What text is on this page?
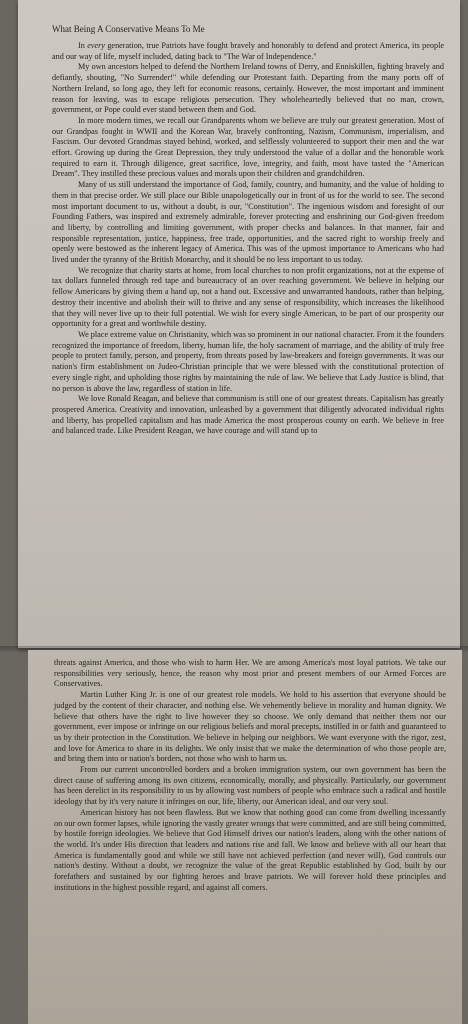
What Being A Conservative Means To Me

In every generation, true Patriots have fought bravely and honorably to defend and protect America, its people and our way of life, myself included, dating back to "The War of Independence."

My own ancestors helped to defend the Northern Ireland towns of Derry, and Enniskillen, fighting bravely and defiantly, shouting, "No Surrender!" while defending our Protestant faith. Departing from the many ports off of Northern Ireland, so long ago, they left for economic reasons, certainly. However, the most important and imminent reason for leaving, was to escape religious persecution. They wholeheartedly believed that no man, crown, government, or Pope could ever stand between them and God.

In more modern times, we recall our Grandparents whom we believe are truly our greatest generation. Most of our Grandpas fought in WWII and the Korean War, bravely confronting, Nazism, Communism, imperialism, and Fascism. Our devoted Grandmas stayed behind, worked, and selflessly volunteered to support their men and the war effort. Growing up during the Great Depression, they truly understood the value of a dollar and the honorable work required to earn it. Through diligence, great sacrifice, love, integrity, and faith, most have tasted the "American Dream". They instilled these precious values and morals upon their children and grandchildren.

Many of us still understand the importance of God, family, country, and humanity, and the value of holding to them in that precise order. We still place our Bible unapologetically our in front of us for the world to see. The second most important document to us, without a doubt, is our, "Constitution". The ingenious wisdom and foresight of our Founding Fathers, was inspired and extremely admirable, forever protecting and enshrining our God-given freedom and liberty, by controlling and limiting government, with proper checks and balances. In that manner, fair and responsible representation, justice, happiness, free trade, opportunities, and the sacred right to worship freely and openly were bestowed as the inherent legacy of America. This was of the upmost importance to Americans who had lived under the tyranny of the British Monarchy, and it should be no less important to us today.

We recognize that charity starts at home, from local churches to non profit organizations, not at the expense of tax dollars funneled through red tape and bureaucracy of an over reaching government. We believe in helping our fellow Americans by giving them a hand up, not a hand out. Excessive and unwarranted handouts, rather than helping, destroy their incentive and abolish their will to thrive and any sense of responsibility, which increases the likelihood that they will never live up to their full potential. We wish for every single American, to be part of our prosperity our opportunity for a great and worthwhile destiny.

We place extreme value on Christianity, which was so prominent in our national character. From it the founders recognized the importance of freedom, liberty, human life, the holy sacrament of marriage, and the ability of truly free people to protect family, person, and property, from threats posed by law-breakers and foreign governments. It was our nation's firm establishment on Judeo-Christian principle that we were blessed with the constitutional protection of every single right, and upholding those rights by maintaining the rule of law. We believe that Lady Justice is blind, that no person is above the law, regardless of station in life.

We love Ronald Reagan, and believe that communism is still one of our greatest threats. Capitalism has greatly prospered America. Creativity and innovation, unleashed by a government that diligently advocated individual rights and liberty, has propelled capitalism and has made America the most prosperous county on earth. We believe in free and balanced trade. Like President Reagan, we have courage and will stand up to

threats against America, and those who wish to harm Her. We are among America's most loyal patriots. We take our responsibilities very seriously, hence, the reason why most prior and present members of our Armed Forces are Conservatives.

Martin Luther King Jr. is one of our greatest role models. We hold to his assertion that everyone should be judged by the content of their character, and nothing else. We vehemently believe in morality and human dignity. We believe that others have the right to live however they so choose. We only demand that neither them nor our government, ever impose or infringe on our religious beliefs and moral precepts, instilled in or faith and guaranteed to us by their protection in the Constitution. We believe in helping our neighbors. We want everyone with the rigor, zest, and love for America to share in its delights. We only insist that we make the determination of who those people are, and bring them into or nation's borders, not those who wish to harm us.

From our current uncontrolled borders and a broken immigration system, our own government has been the direct cause of suffering among its own citizens, economically, morally, and physically. Particularly, our government has been derelict in its responsibility to us by allowing vast numbers of people who embrace such a radical and hostile ideology that by it's very nature it infringes on our, life, liberty, our American ideal, and our very soul.

American history has not been flawless. But we know that nothing good can come from dwelling incessantly on our own former lapses, while ignoring the vastly greater wrongs that were committed, and are still being committed, by hostile foreign ideologies. We believe that God Himself drives our nation's leaders, along with the other nations of the world. It's under His direction that leaders and nations rise and fall. We know and believe with all our heart that America is fundamentally good and while we still have not achieved perfection (and never will), God controls our nation's destiny. Without a doubt, we recognize the value of the great Republic established by God, built by our forefathers and sustained by our fighting heroes and brave patriots. We will forever hold these principles and institutions in the highest possible regard, and against all comers.
